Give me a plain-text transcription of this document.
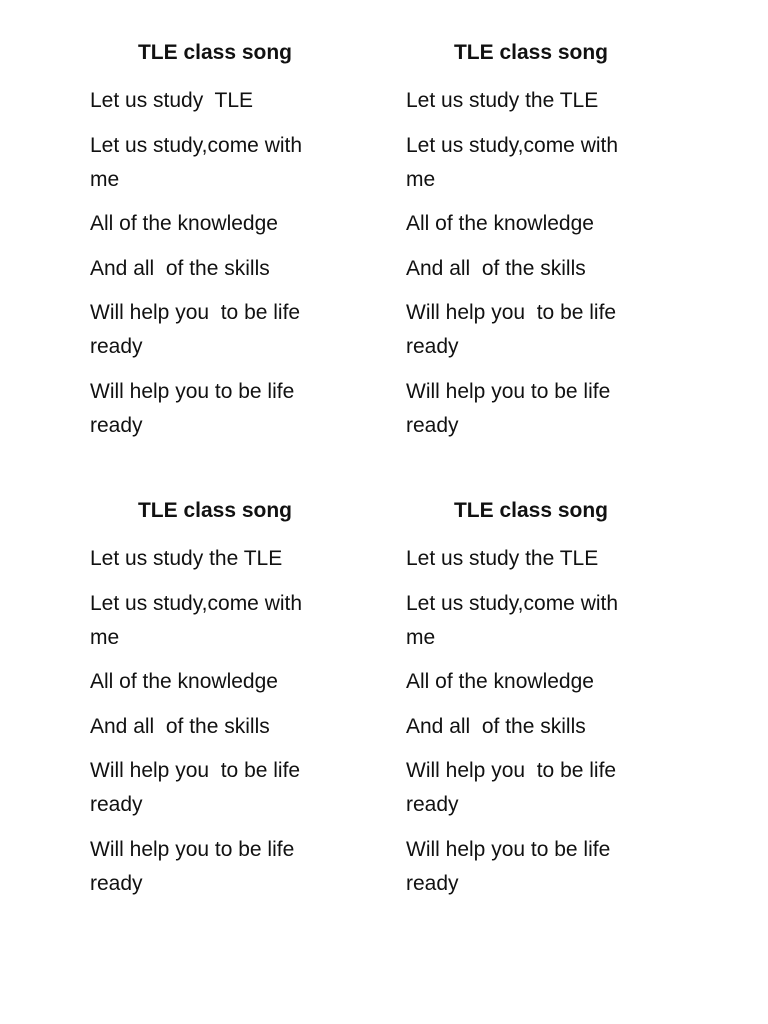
TLE class song
Let us study  TLE
Let us study,come with
me
All of the knowledge
And all  of the skills
Will help you  to be life
ready
Will help you to be life
ready
TLE class song
Let us study the TLE
Let us study,come with
me
All of the knowledge
And all  of the skills
Will help you  to be life
ready
Will help you to be life
ready
TLE class song
Let us study the TLE
Let us study,come with
me
All of the knowledge
And all  of the skills
Will help you  to be life
ready
Will help you to be life
ready
TLE class song
Let us study the TLE
Let us study,come with
me
All of the knowledge
And all  of the skills
Will help you  to be life
ready
Will help you to be life
ready
